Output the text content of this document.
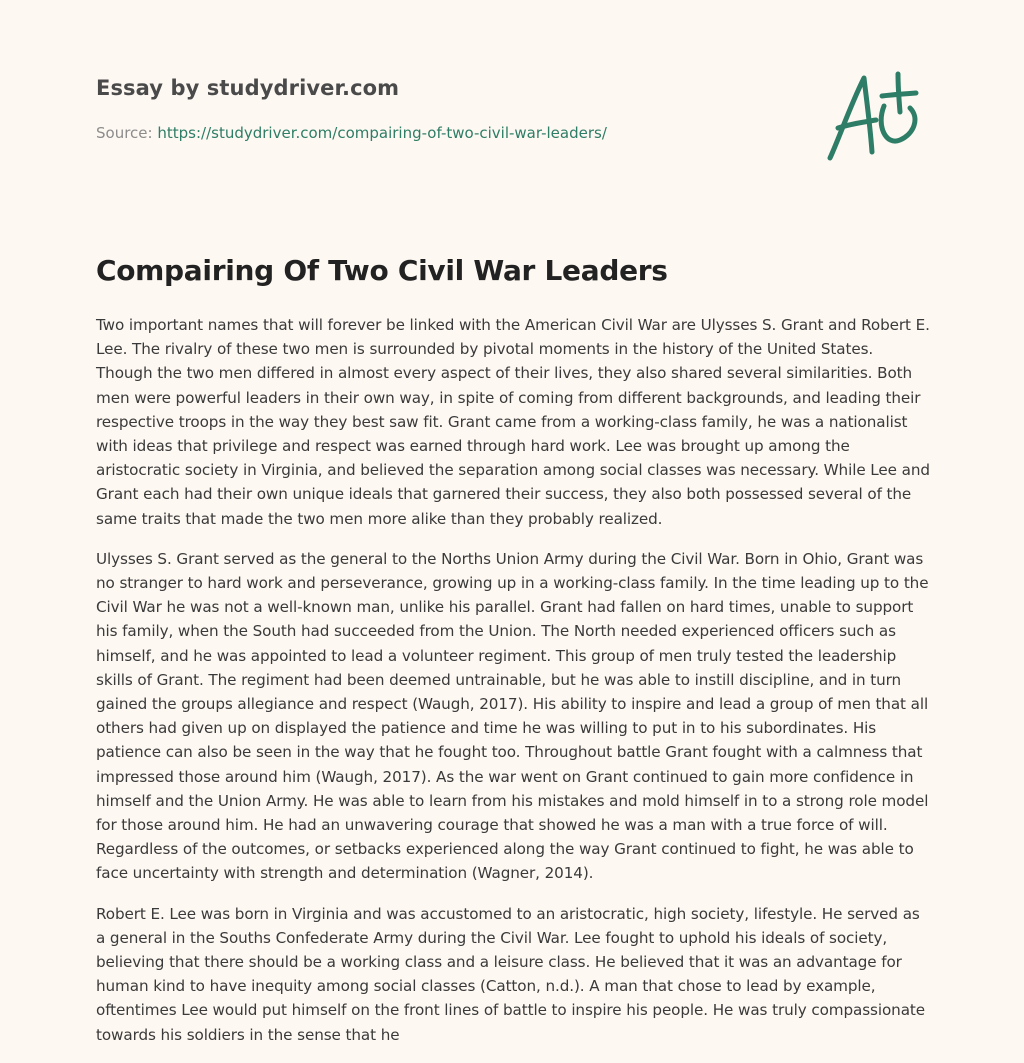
Essay by studydriver.com
Source: https://studydriver.com/compairing-of-two-civil-war-leaders/
Compairing Of Two Civil War Leaders

Two important names that will forever be linked with the American Civil War are Ulysses S. Grant and Robert E. Lee. The rivalry of these two men is surrounded by pivotal moments in the history of the United States. Though the two men differed in almost every aspect of their lives, they also shared several similarities. Both men were powerful leaders in their own way, in spite of coming from different backgrounds, and leading their respective troops in the way they best saw fit. Grant came from a working-class family, he was a nationalist with ideas that privilege and respect was earned through hard work. Lee was brought up among the aristocratic society in Virginia, and believed the separation among social classes was necessary. While Lee and Grant each had their own unique ideals that garnered their success, they also both possessed several of the same traits that made the two men more alike than they probably realized.

Ulysses S. Grant served as the general to the Norths Union Army during the Civil War. Born in Ohio, Grant was no stranger to hard work and perseverance, growing up in a working-class family. In the time leading up to the Civil War he was not a well-known man, unlike his parallel. Grant had fallen on hard times, unable to support his family, when the South had succeeded from the Union. The North needed experienced officers such as himself, and he was appointed to lead a volunteer regiment. This group of men truly tested the leadership skills of Grant. The regiment had been deemed untrainable, but he was able to instill discipline, and in turn gained the groups allegiance and respect (Waugh, 2017). His ability to inspire and lead a group of men that all others had given up on displayed the patience and time he was willing to put in to his subordinates. His patience can also be seen in the way that he fought too. Throughout battle Grant fought with a calmness that impressed those around him (Waugh, 2017). As the war went on Grant continued to gain more confidence in himself and the Union Army. He was able to learn from his mistakes and mold himself in to a strong role model for those around him. He had an unwavering courage that showed he was a man with a true force of will. Regardless of the outcomes, or setbacks experienced along the way Grant continued to fight, he was able to face uncertainty with strength and determination (Wagner, 2014).

Robert E. Lee was born in Virginia and was accustomed to an aristocratic, high society, lifestyle. He served as a general in the Souths Confederate Army during the Civil War. Lee fought to uphold his ideals of society, believing that there should be a working class and a leisure class. He believed that it was an advantage for human kind to have inequity among social classes (Catton, n.d.). A man that chose to lead by example, oftentimes Lee would put himself on the front lines of battle to inspire his people. He was truly compassionate towards his soldiers in the sense that he
